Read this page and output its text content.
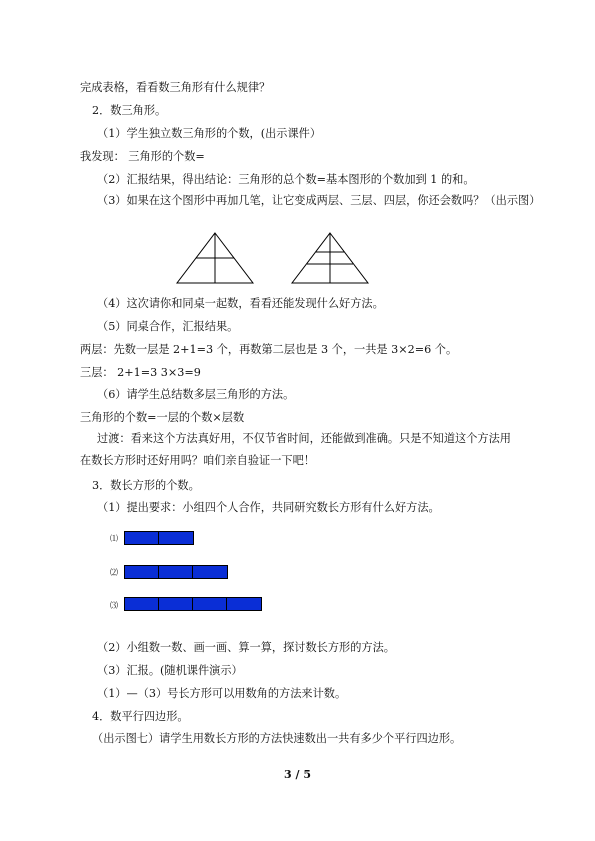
完成表格，看看数三角形有什么规律？
2．数三角形。
（1）学生独立数三角形的个数，(出示课件）
我发现： 三角形的个数=
（2）汇报结果，得出结论：三角形的总个数=基本图形的个数加到 1 的和。
（3）如果在这个图形中再加几笔，让它变成两层、三层、四层，你还会数吗？（出示图）
（4）这次请你和同桌一起数，看看还能发现什么好方法。
（5）同桌合作，汇报结果。
两层：先数一层是 2+1=3 个，再数第二层也是 3 个，一共是 3×2=6 个。
三层： 2+1=3 3×3=9
（6）请学生总结数多层三角形的方法。
三角形的个数=一层的个数×层数
过渡：看来这个方法真好用，不仅节省时间，还能做到准确。只是不知道这个方法用在数长方形时还好用吗？咱们亲自验证一下吧！
3．数长方形的个数。
（1）提出要求：小组四个人合作，共同研究数长方形有什么好方法。
⑴
⑵
⑶
（2）小组数一数、画一画、算一算，探讨数长方形的方法。
（3）汇报。(随机课件演示）
（1）—（3）号长方形可以用数角的方法来计数。
4．数平行四边形。
（出示图七）请学生用数长方形的方法快速数出一共有多少个平行四边形。
3 / 5
